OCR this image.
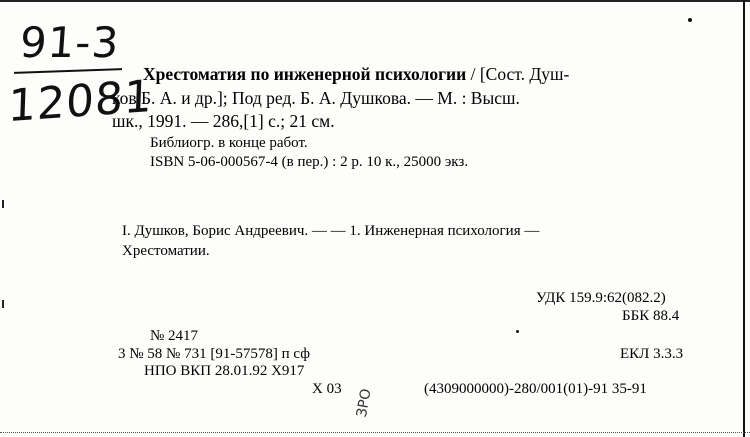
91-3
12081
Хрестоматия по инженерной психологии / [Сост. Душ-
ков Б. А. и др.]; Под ред. Б. А. Душкова. — М. : Высш.
шк., 1991. — 286,[1] с.; 21 см.
Библиогр. в конце работ.
ISBN 5-06-000567-4 (в пер.) : 2 р. 10 к., 25000 экз.
I. Душков, Борис Андреевич. — — 1. Инженерная психология —
Хрестоматии.
УДК 159.9:62(082.2)
ББК 88.4
№ 2417
3 № 58 № 731 [91-57578] п сф	ЕКЛ 3.3.3
НПО ВКП 28.01.92 Х917
Х 03 ЗРО	(4309000000)-280/001(01)-91 35-91
